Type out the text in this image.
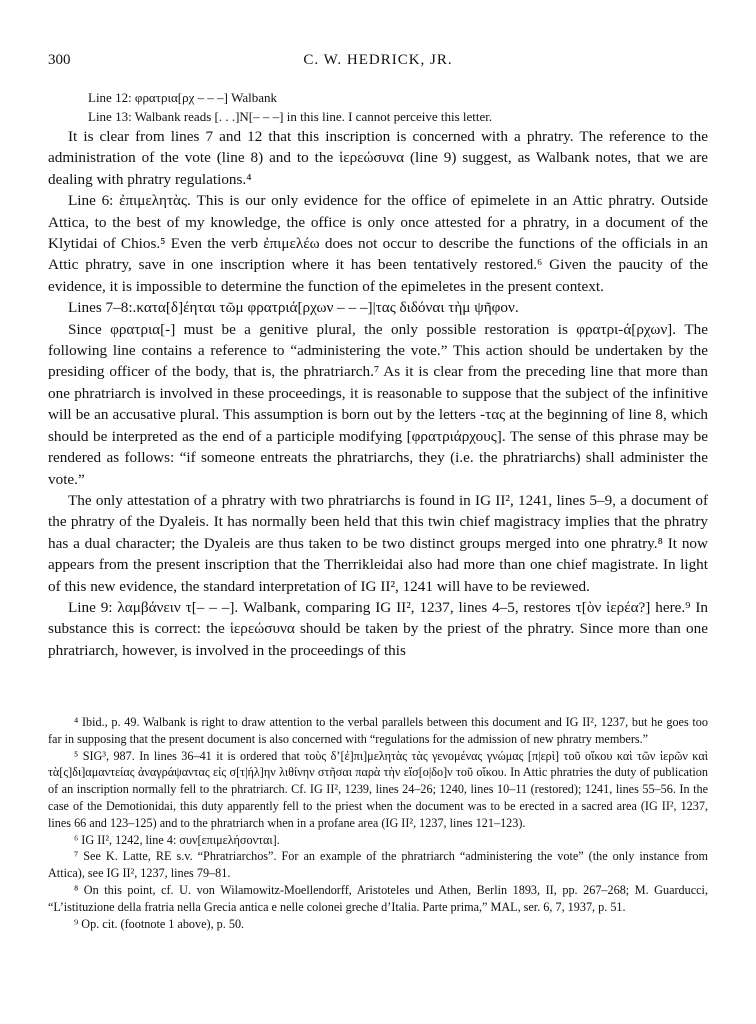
300	C. W. HEDRICK, JR.
Line 12: φρατρια[ρχ – – –] Walbank
Line 13: Walbank reads [. . .]Ν[– – –] in this line. I cannot perceive this letter.

It is clear from lines 7 and 12 that this inscription is concerned with a phratry. The reference to the administration of the vote (line 8) and to the ἱερεώσυνα (line 9) suggest, as Walbank notes, that we are dealing with phratry regulations.⁴

Line 6: ἐπιμελητὰς. This is our only evidence for the office of epimelete in an Attic phratry. Outside Attica, to the best of my knowledge, the office is only once attested for a phratry, in a document of the Klytidai of Chios.⁵ Even the verb ἐπιμελέω does not occur to describe the functions of the officials in an Attic phratry, save in one inscription where it has been tentatively restored.⁶ Given the paucity of the evidence, it is impossible to determine the function of the epimeletes in the present context.

Lines 7–8:.κατα[δ]έηται τῶμ φρατριά[ρχων – – –]|τας διδόναι τὴμ ψῆφον.

Since φρατρια[-] must be a genitive plural, the only possible restoration is φρατρι-ά[ρχων]. The following line contains a reference to “administering the vote.” This action should be undertaken by the presiding officer of the body, that is, the phratriarch.⁷ As it is clear from the preceding line that more than one phratriarch is involved in these proceedings, it is reasonable to suppose that the subject of the infinitive will be an accusative plural. This assumption is born out by the letters -τας at the beginning of line 8, which should be interpreted as the end of a participle modifying [φρατριάρχους]. The sense of this phrase may be rendered as follows: “if someone entreats the phratriarchs, they (i.e. the phratriarchs) shall administer the vote.”

The only attestation of a phratry with two phratriarchs is found in IG II², 1241, lines 5–9, a document of the phratry of the Dyaleis. It has normally been held that this twin chief magistracy implies that the phratry has a dual character; the Dyaleis are thus taken to be two distinct groups merged into one phratry.⁸ It now appears from the present inscription that the Therrikleidai also had more than one chief magistrate. In light of this new evidence, the standard interpretation of IG II², 1241 will have to be reviewed.

Line 9: λαμβάνειν τ[– – –]. Walbank, comparing IG II², 1237, lines 4–5, restores τ[ὸν ἱερέα?] here.⁹ In substance this is correct: the ἱερεώσυνα should be taken by the priest of the phratry. Since more than one phratriarch, however, is involved in the proceedings of this

⁴ Ibid., p. 49. Walbank is right to draw attention to the verbal parallels between this document and IG II², 1237, but he goes too far in supposing that the present document is also concerned with “regulations for the admission of new phratry members.”

⁵ SIG³, 987. In lines 36–41 it is ordered that τοὺς δ’[ἐ]πι]μελητὰς τὰς γενομένας γνώμας [π|ερὶ] τοῦ οἴκου καὶ τῶν ἱερῶν καὶ τὰ[ς]δι]αμαντείας ἀναγράψαντας εἰς σ[τ|ήλ]ην λιθίνην στῆσαι παρὰ τὴν εἴσ[ο|δο]ν τοῦ οἴκου. In Attic phratries the duty of publication of an inscription normally fell to the phratriarch. Cf. IG II², 1239, lines 24–26; 1240, lines 10–11 (restored); 1241, lines 55–56. In the case of the Demotionidai, this duty apparently fell to the priest when the document was to be erected in a sacred area (IG II², 1237, lines 66 and 123–125) and to the phratriarch when in a profane area (IG II², 1237, lines 121–123).

⁶ IG II², 1242, line 4: συν[επιμελήσονται].

⁷ See K. Latte, RE s.v. “Phratriarchos”. For an example of the phratriarch “administering the vote” (the only instance from Attica), see IG II², 1237, lines 79–81.

⁸ On this point, cf. U. von Wilamowitz-Moellendorff, Aristoteles und Athen, Berlin 1893, II, pp. 267–268; M. Guarducci, “L’istituzione della fratria nella Grecia antica e nelle colonei greche d’Italia. Parte prima,” MAL, ser. 6, 7, 1937, p. 51.

⁹ Op. cit. (footnote 1 above), p. 50.
